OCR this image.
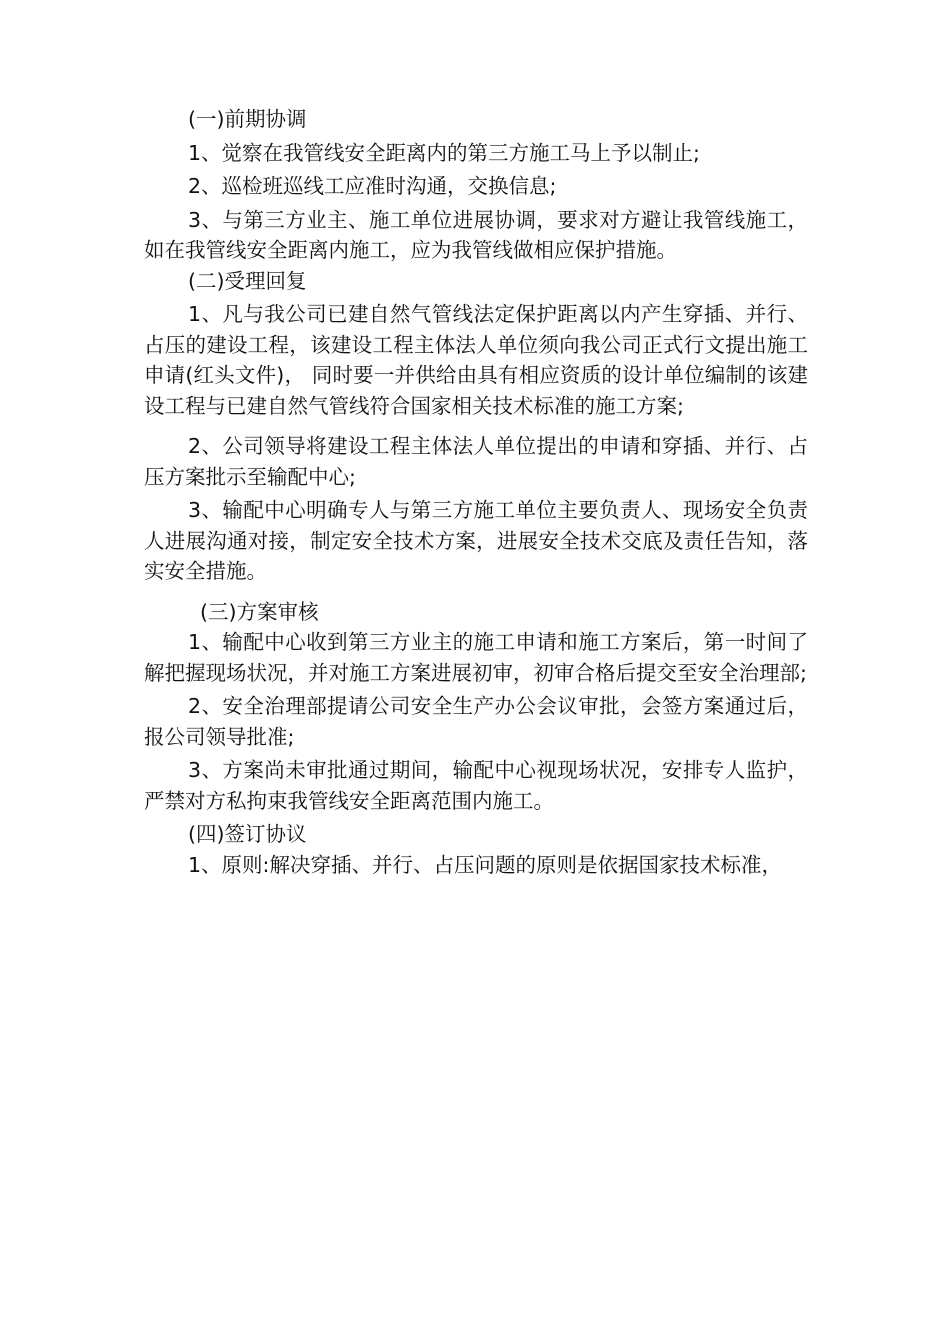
(一)前期协调

1、觉察在我管线安全距离内的第三方施工马上予以制止;

2、巡检班巡线工应准时沟通，交换信息;

3、与第三方业主、施工单位进展协调，要求对方避让我管线施工，如在我管线安全距离内施工，应为我管线做相应保护措施。

(二)受理回复

1、凡与我公司已建自然气管线法定保护距离以内产生穿插、并行、占压的建设工程，该建设工程主体法人单位须向我公司正式行文提出施工申请(红头文件)， 同时要一并供给由具有相应资质的设计单位编制的该建设工程与已建自然气管线符合国家相关技术标准的施工方案;

2、公司领导将建设工程主体法人单位提出的申请和穿插、并行、占压方案批示至输配中心;

3、输配中心明确专人与第三方施工单位主要负责人、现场安全负责人进展沟通对接，制定安全技术方案，进展安全技术交底及责任告知，落实安全措施。

(三)方案审核

1、输配中心收到第三方业主的施工申请和施工方案后，第一时间了解把握现场状况，并对施工方案进展初审，初审合格后提交至安全治理部;

2、安全治理部提请公司安全生产办公会议审批，会签方案通过后，报公司领导批准;

3、方案尚未审批通过期间，输配中心视现场状况，安排专人监护，严禁对方私拘束我管线安全距离范围内施工。

(四)签订协议

1、原则:解决穿插、并行、占压问题的原则是依据国家技术标准，
